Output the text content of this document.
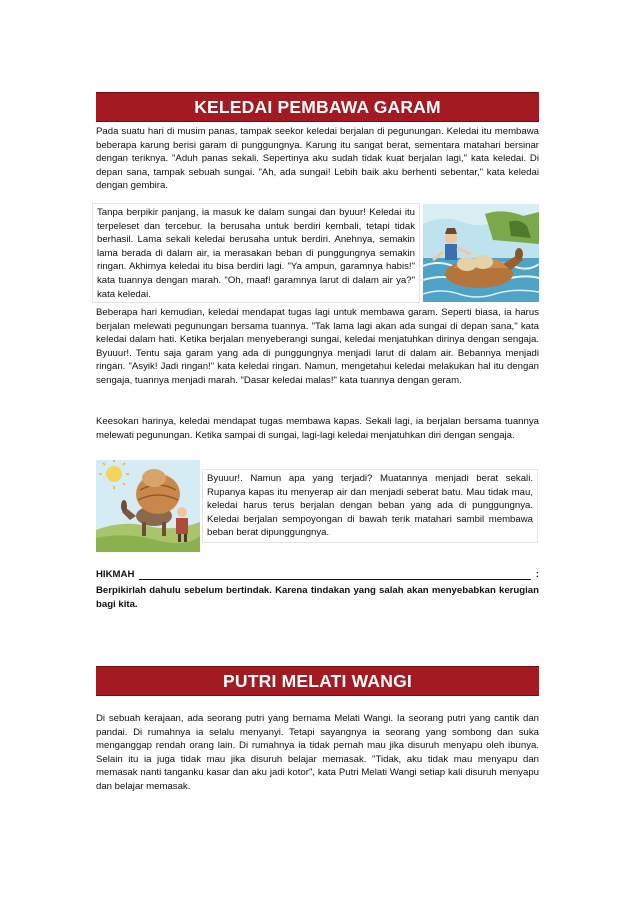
KELEDAI PEMBAWA GARAM

Pada suatu hari di musim panas, tampak seekor keledai berjalan di pegunungan. Keledai itu membawa beberapa karung berisi garam di punggungnya. Karung itu sangat berat, sementara matahari bersinar dengan teriknya. "Aduh panas sekali. Sepertinya aku sudah tidak kuat berjalan lagi," kata keledai. Di depan sana, tampak sebuah sungai. "Ah, ada sungai! Lebih baik aku berhenti sebentar," kata keledai dengan gembira.

Tanpa berpikir panjang, ia masuk ke dalam sungai dan byuur! Keledai itu terpeleset dan tercebur. Ia berusaha untuk berdiri kembali, tetapi tidak berhasil. Lama sekali keledai berusaha untuk berdiri. Anehnya, semakin lama berada di dalam air, ia merasakan beban di punggungnya semakin ringan. Akhirnya keledai itu bisa berdiri lagi. "Ya ampun, garamnya habis!" kata tuannya dengan marah. "Oh, maaf! garamnya larut di dalam air ya?" kata keledai.

Beberapa hari kemudian, keledai mendapat tugas lagi untuk membawa garam. Seperti biasa, ia harus berjalan melewati pegunungan bersama tuannya. "Tak lama lagi akan ada sungai di depan sana," kata keledai dalam hati. Ketika berjalan menyeberangi sungai, keledai menjatuhkan dirinya dengan sengaja. Byuuur!. Tentu saja garam yang ada di punggungnya menjadi larut di dalam air. Bebannya menjadi ringan. "Asyik! Jadi ringan!" kata keledai ringan. Namun, mengetahui keledai melakukan hal itu dengan sengaja, tuannya menjadi marah. "Dasar keledai malas!" kata tuannya dengan geram.

Keesokan harinya, keledai mendapat tugas membawa kapas. Sekali lagi, ia berjalan bersama tuannya melewati pegunungan. Ketika sampai di sungai, lagi-lagi keledai menjatuhkan diri dengan sengaja.

Byuuur!. Namun apa yang terjadi? Muatannya menjadi berat sekali. Rupanya kapas itu menyerap air dan menjadi seberat batu. Mau tidak mau, keledai harus terus berjalan dengan beban yang ada di punggungnya. Keledai berjalan sempoyongan di bawah terik matahari sambil membawa beban berat dipunggungnya.

HIKMAH	:

Berpikirlah dahulu sebelum bertindak. Karena tindakan yang salah akan menyebabkan kerugian bagi kita.

PUTRI MELATI WANGI

Di sebuah kerajaan, ada seorang putri yang bernama Melati Wangi. Ia seorang putri yang cantik dan pandai. Di rumahnya ia selalu menyanyi. Tetapi sayangnya ia seorang yang sombong dan suka menganggap rendah orang lain. Di rumahnya ia tidak pernah mau jika disuruh menyapu oleh ibunya. Selain itu ia juga tidak mau jika disuruh belajar memasak. "Tidak, aku tidak mau menyapu dan memasak nanti tanganku kasar dan aku jadi kotor", kata Putri Melati Wangi setiap kali disuruh menyapu dan belajar memasak.
